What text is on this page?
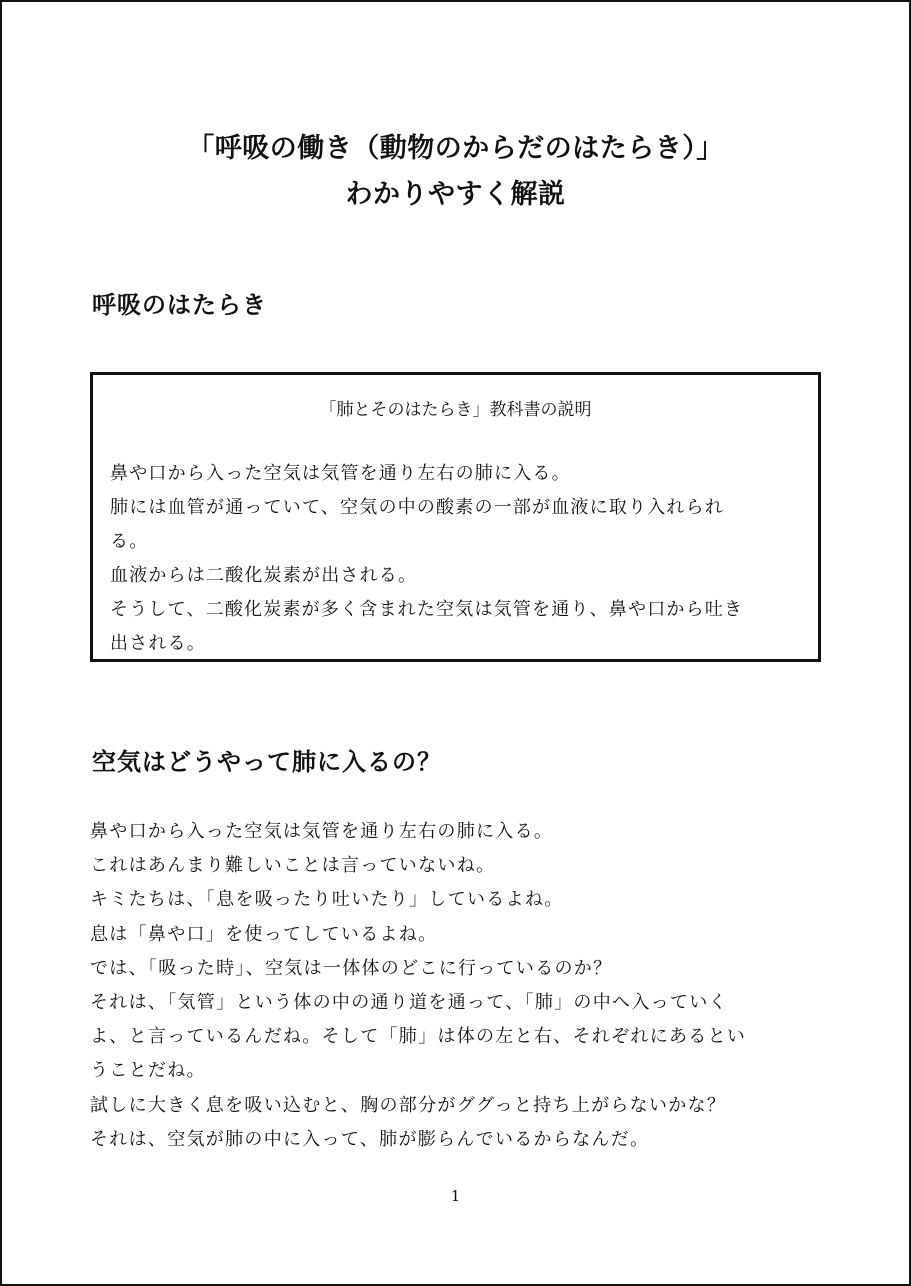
「呼吸の働き（動物のからだのはたらき）」
わかりやすく解説
呼吸のはたらき
「肺とそのはたらき」教科書の説明
鼻や口から入った空気は気管を通り左右の肺に入る。
肺には血管が通っていて、空気の中の酸素の一部が血液に取り入れられ
る。
血液からは二酸化炭素が出される。
そうして、二酸化炭素が多く含まれた空気は気管を通り、鼻や口から吐き
出される。
空気はどうやって肺に入るの？
鼻や口から入った空気は気管を通り左右の肺に入る。
これはあんまり難しいことは言っていないね。
キミたちは、「息を吸ったり吐いたり」しているよね。
息は「鼻や口」を使ってしているよね。
では、「吸った時」、空気は一体体のどこに行っているのか？
それは、「気管」という体の中の通り道を通って、「肺」の中へ入っていく
よ、と言っているんだね。そして「肺」は体の左と右、それぞれにあるとい
うことだね。
試しに大きく息を吸い込むと、胸の部分がググっと持ち上がらないかな？
それは、空気が肺の中に入って、肺が膨らんでいるからなんだ。
1
